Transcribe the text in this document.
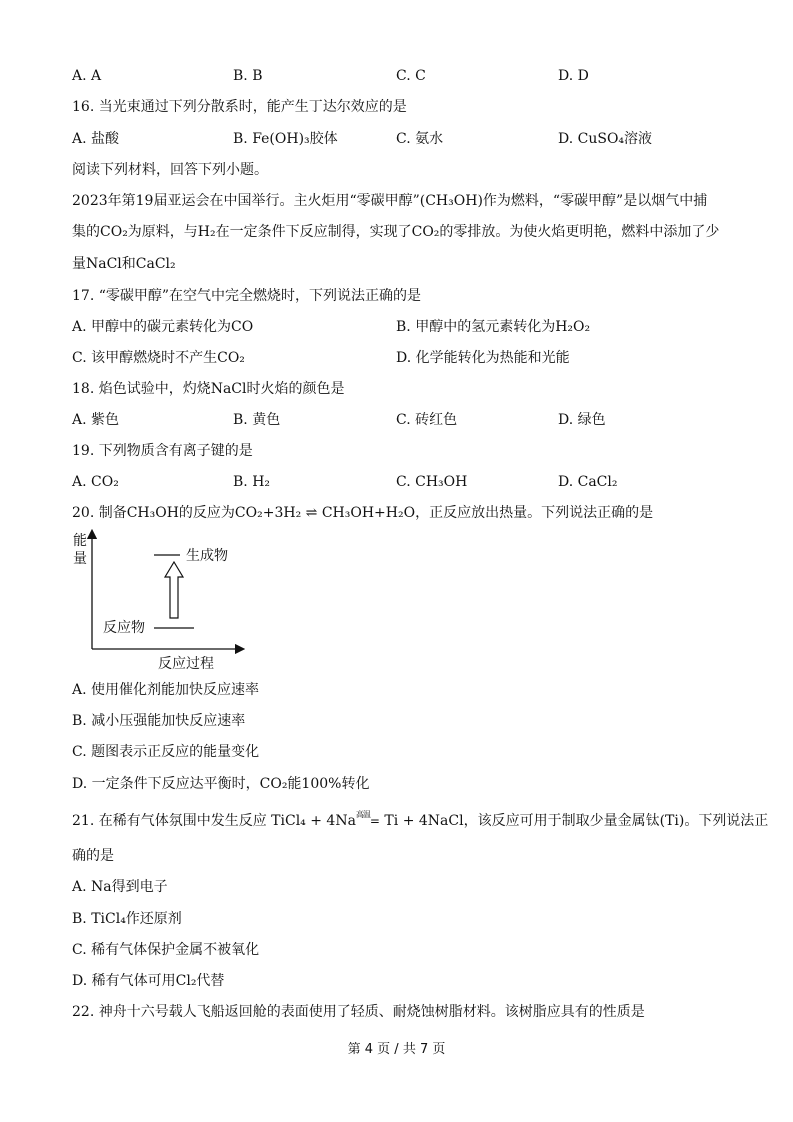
A. A	B. B	C. C	D. D
16. 当光束通过下列分散系时，能产生丁达尔效应的是
A. 盐酸	B. Fe(OH)₃胶体	C. 氨水	D. CuSO₄溶液
阅读下列材料，回答下列小题。
2023年第19届亚运会在中国举行。主火炬用“零碳甲醇”(CH₃OH)作为燃料，“零碳甲醇”是以烟气中捕
集的CO₂为原料，与H₂在一定条件下反应制得，实现了CO₂的零排放。为使火焰更明艳，燃料中添加了少
量NaCl和CaCl₂
17. “零碳甲醇”在空气中完全燃烧时，下列说法正确的是
A. 甲醇中的碳元素转化为CO	B. 甲醇中的氢元素转化为H₂O₂
C. 该甲醇燃烧时不产生CO₂	D. 化学能转化为热能和光能
18. 焰色试验中，灼烧NaCl时火焰的颜色是
A. 紫色	B. 黄色	C. 砖红色	D. 绿色
19. 下列物质含有离子键的是
A. CO₂	B. H₂	C. CH₃OH	D. CaCl₂
20. 制备CH₃OH的反应为CO₂+3H₂ ⇌ CH₃OH+H₂O，正反应放出热量。下列说法正确的是
能
量	生成物
反应物
反应过程
A. 使用催化剂能加快反应速率
B. 减小压强能加快反应速率
C. 题图表示正反应的能量变化
D. 一定条件下反应达平衡时，CO₂能100%转化
21. 在稀有气体氛围中发生反应 TiCl₄ + $4Na^{高温}= Ti$ + 4NaCl，该反应可用于制取少量金属钛(Ti)。下列说法正
确的是
A. Na得到电子
B. TiCl₄作还原剂
C. 稀有气体保护金属不被氧化
D. 稀有气体可用Cl₂代替
22. 神舟十六号载人飞船返回舱的表面使用了轻质、耐烧蚀树脂材料。该树脂应具有的性质是
第 4 页 / 共 7 页
